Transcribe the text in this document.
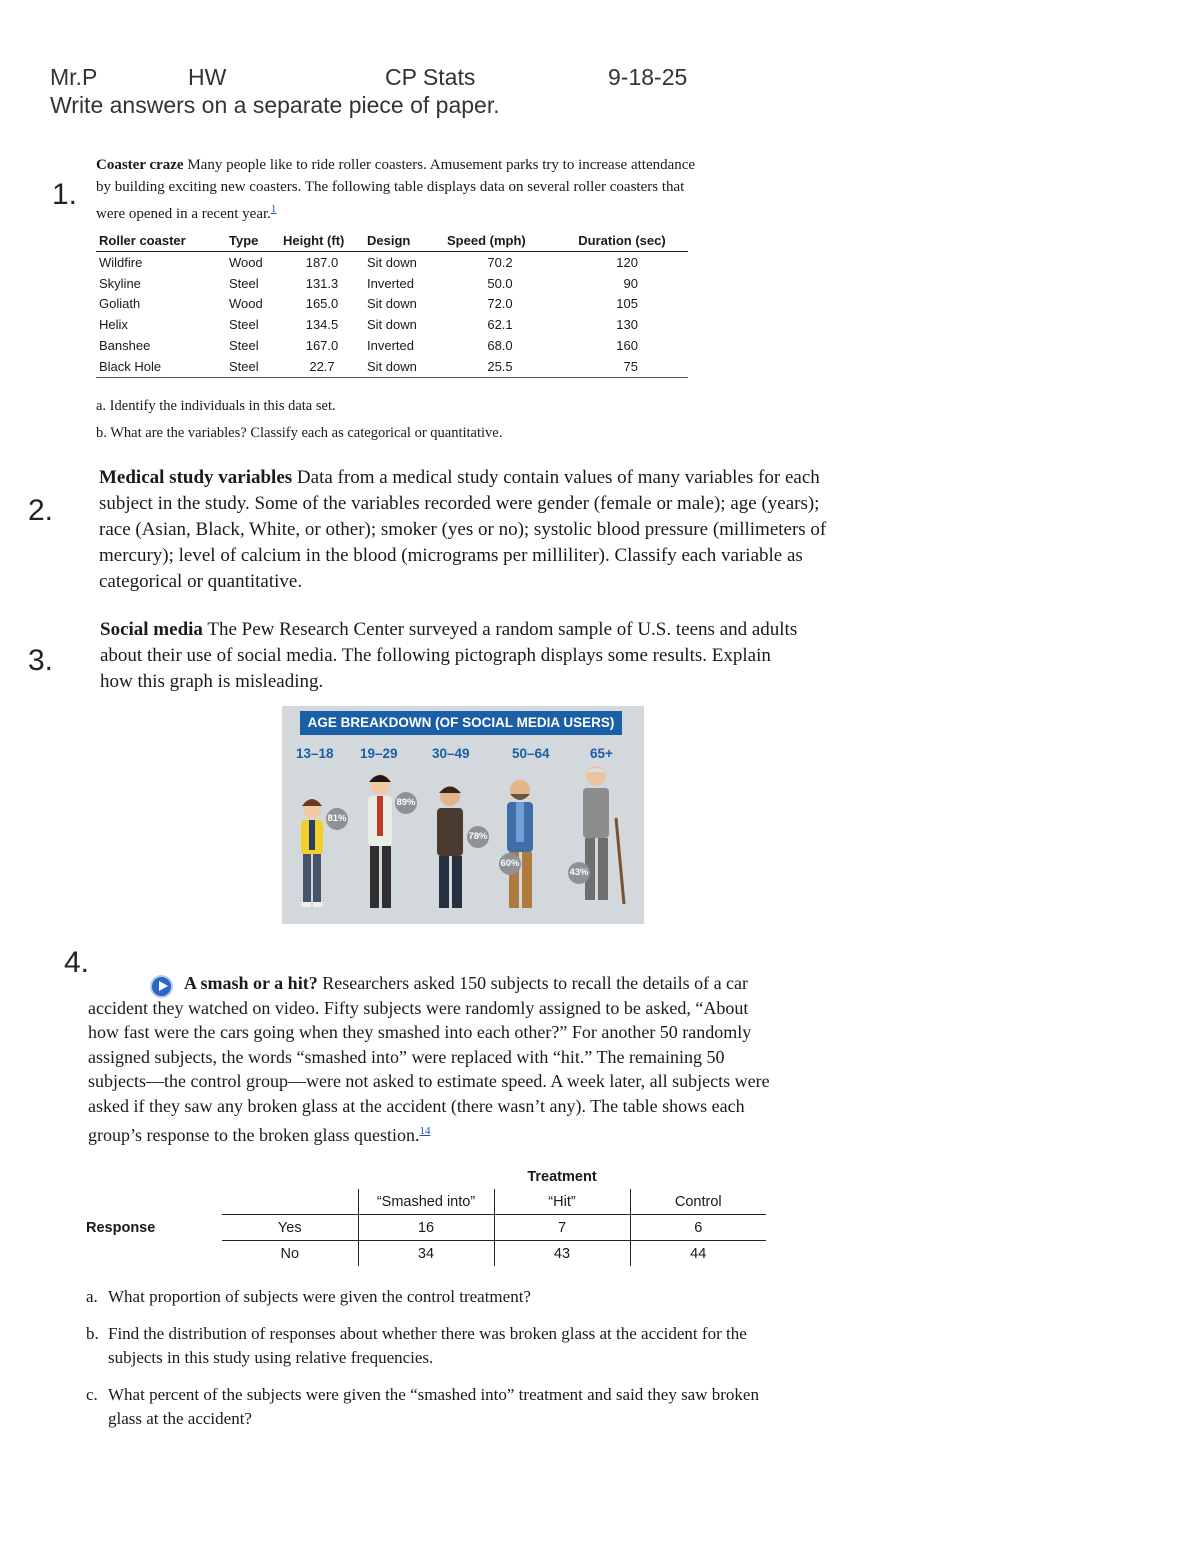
Mr.P	HW	CP Stats	9-18-25
Write answers on a separate piece of paper.
1.
Coaster craze Many people like to ride roller coasters. Amusement parks try to increase attendance by building exciting new coasters. The following table displays data on several roller coasters that were opened in a recent year.$^1$
Roller coaster	Type	Height (ft)	Design	Speed (mph)	Duration (sec)
Wildfire	Wood	187.0	Sit down	70.2	120
Skyline	Steel	131.3	Inverted	50.0	90
Goliath	Wood	165.0	Sit down	72.0	105
Helix	Steel	134.5	Sit down	62.1	130
Banshee	Steel	167.0	Inverted	68.0	160
Black Hole	Steel	22.7	Sit down	25.5	75
a. Identify the individuals in this data set.
b. What are the variables? Classify each as categorical or quantitative.
2.
Medical study variables Data from a medical study contain values of many variables for each subject in the study. Some of the variables recorded were gender (female or male); age (years); race (Asian, Black, White, or other); smoker (yes or no); systolic blood pressure (millimeters of mercury); level of calcium in the blood (micrograms per milliliter). Classify each variable as categorical or quantitative.
3.
Social media The Pew Research Center surveyed a random sample of U.S. teens and adults about their use of social media. The following pictograph displays some results. Explain how this graph is misleading.
AGE BREAKDOWN (OF SOCIAL MEDIA USERS)
13–18 19–29	30–49	50–64	65+
81%
89%
78%
60%
43%
4.
A smash or a hit? Researchers asked 150 subjects to recall the details of a car accident they watched on video. Fifty subjects were randomly assigned to be asked, “About how fast were the cars going when they smashed into each other?” For another 50 randomly assigned subjects, the words “smashed into” were replaced with “hit.” The remaining 50 subjects—the control group—were not asked to estimate speed. A week later, all subjects were asked if they saw any broken glass at the accident (there wasn’t any). The table shows each group’s response to the broken glass question.$^{14}$
			Treatment	
		“Smashed into”	“Hit”	Control
Response	Yes	16	7	6
	No	34	43	44
a. What proportion of subjects were given the control treatment?
b. Find the distribution of responses about whether there was broken glass at the accident for the subjects in this study using relative frequencies.
c. What percent of the subjects were given the “smashed into” treatment and said they saw broken glass at the accident?
